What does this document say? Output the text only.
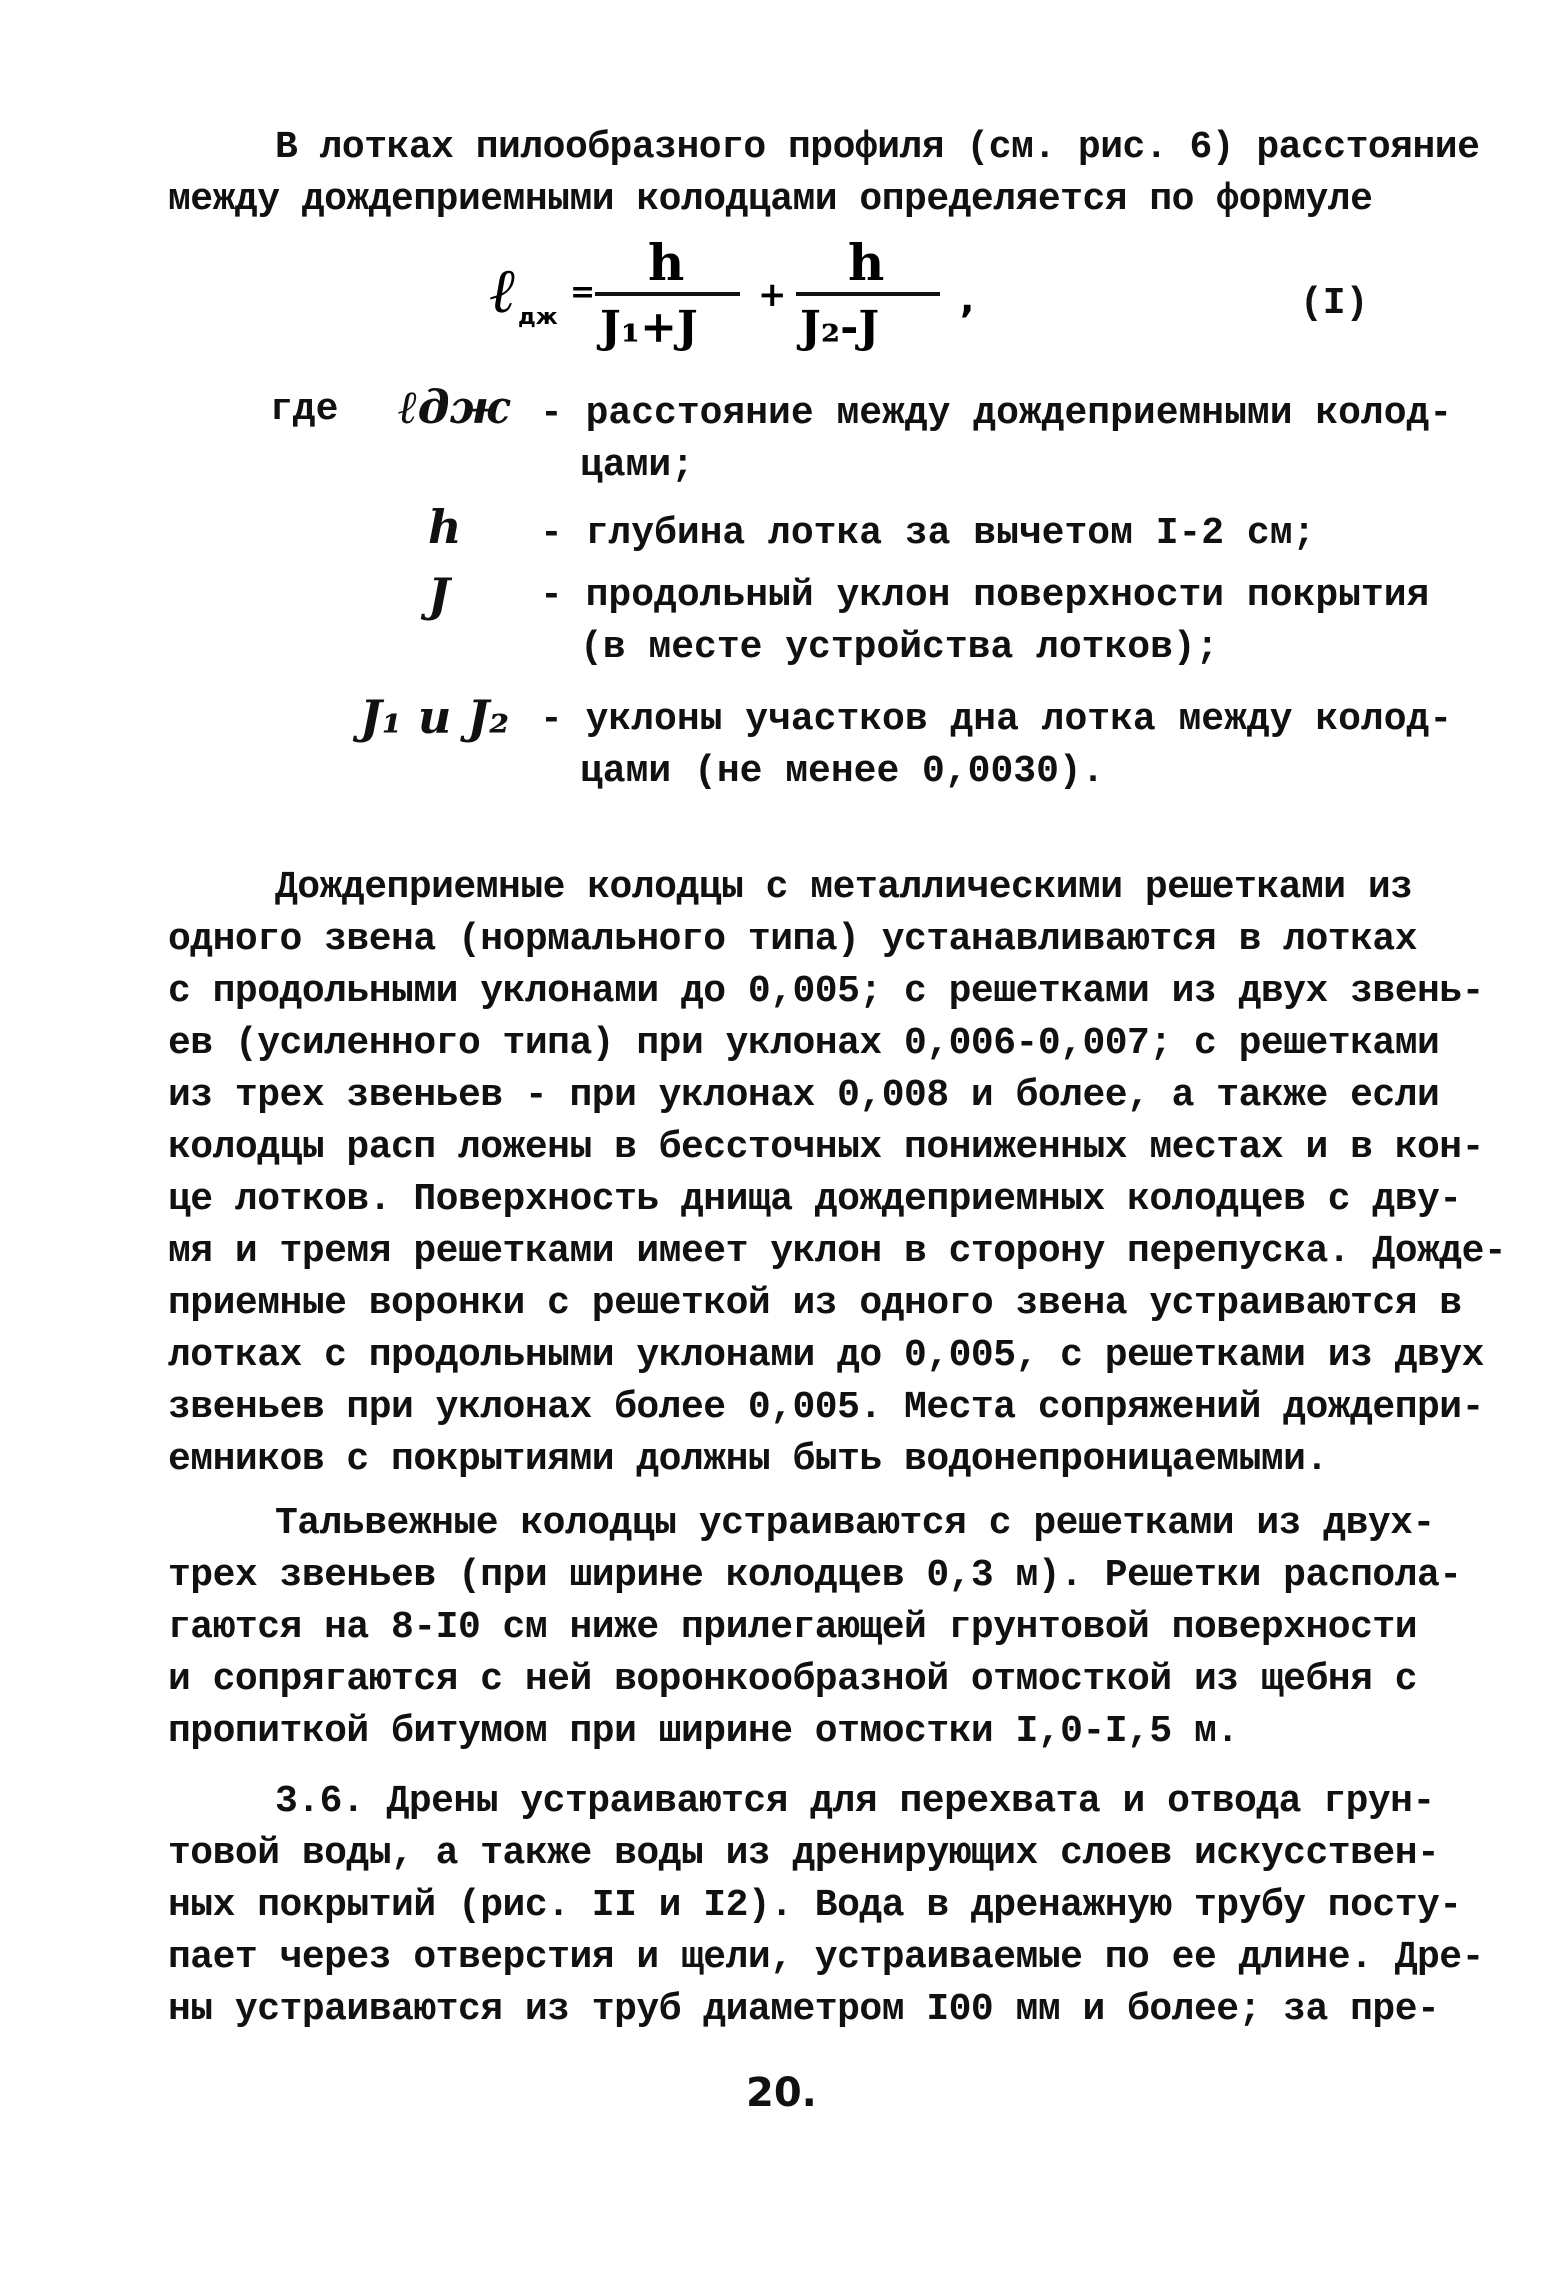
В лотках пилообразного профиля (см. рис. 6) расстояние
между дождеприемными колодцами определяется по формуле
ℓ дж
=
h
J₁+J
+
h
J₂-J
,	(I)
где ℓдж - расстояние между дождеприемными колод-
цами;
h - глубина лотка за вычетом I-2 см;
J - продольный уклон поверхности покрытия
(в месте устройства лотков);
J₁ и J₂ - уклоны участков дна лотка между колод-
цами (не менее 0,0030).
Дождеприемные колодцы с металлическими решетками из
одного звена (нормального типа) устанавливаются в лотках
с продольными уклонами до 0,005; с решетками из двух звень-
ев (усиленного типа) при уклонах 0,006-0,007; с решетками
из трех звеньев - при уклонах 0,008 и более, а также если
колодцы расп ложены в бессточных пониженных местах и в кон-
це лотков. Поверхность днища дождеприемных колодцев с дву-
мя и тремя решетками имеет уклон в сторону перепуска. Дожде-
приемные воронки с решеткой из одного звена устраиваются в
лотках с продольными уклонами до 0,005, с решетками из двух
звеньев при уклонах более 0,005. Места сопряжений дождепри-
емников с покрытиями должны быть водонепроницаемыми.
Тальвежные колодцы устраиваются с решетками из двух-
трех звеньев (при ширине колодцев 0,3 м). Решетки распола-
гаются на 8-I0 см ниже прилегающей грунтовой поверхности
и сопрягаются с ней воронкообразной отмосткой из щебня с
пропиткой битумом при ширине отмостки I,0-I,5 м.
3.6. Дрены устраиваются для перехвата и отвода грун-
товой воды, а также воды из дренирующих слоев искусствен-
ных покрытий (рис. II и I2). Вода в дренажную трубу посту-
пает через отверстия и щели, устраиваемые по ее длине. Дре-
ны устраиваются из труб диаметром I00 мм и более; за пре-
20.
